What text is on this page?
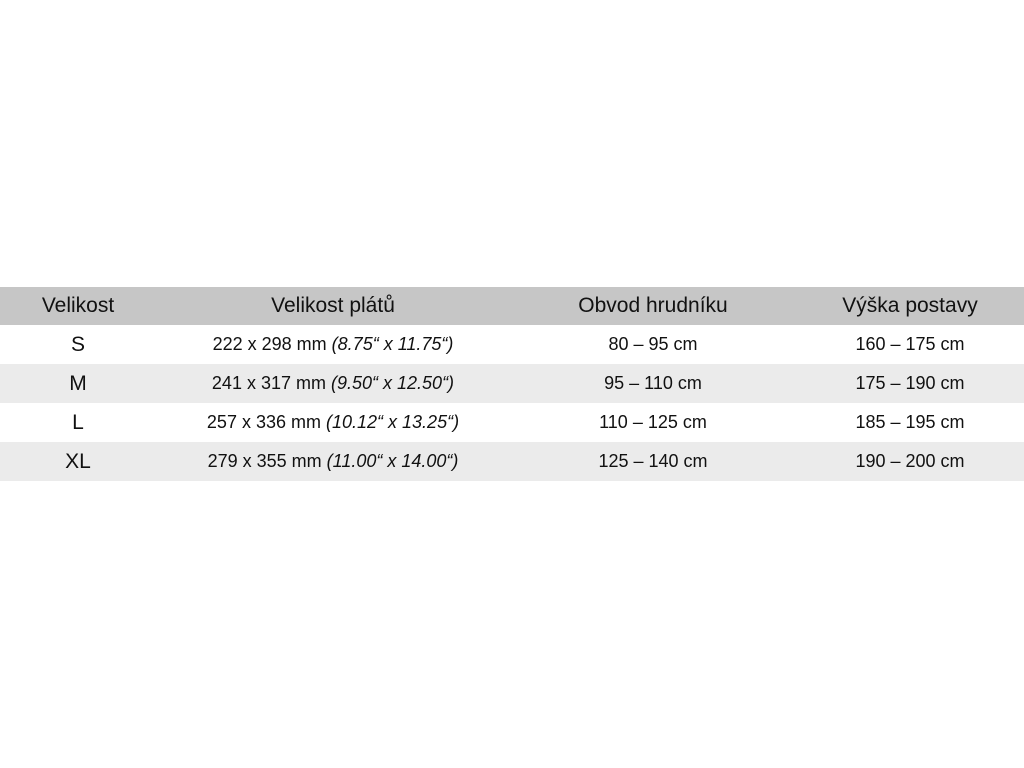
Velikost	Velikost plátů	Obvod hrudníku	Výška postavy
S	222 x 298 mm (8.75“ x 11.75“)	80 – 95 cm	160 – 175 cm
M	241 x 317 mm (9.50“ x 12.50“)	95 – 110 cm	175 – 190 cm
L	257 x 336 mm (10.12“ x 13.25“)	110 – 125 cm	185 – 195 cm
XL	279 x 355 mm (11.00“ x 14.00“)	125 – 140 cm	190 – 200 cm
